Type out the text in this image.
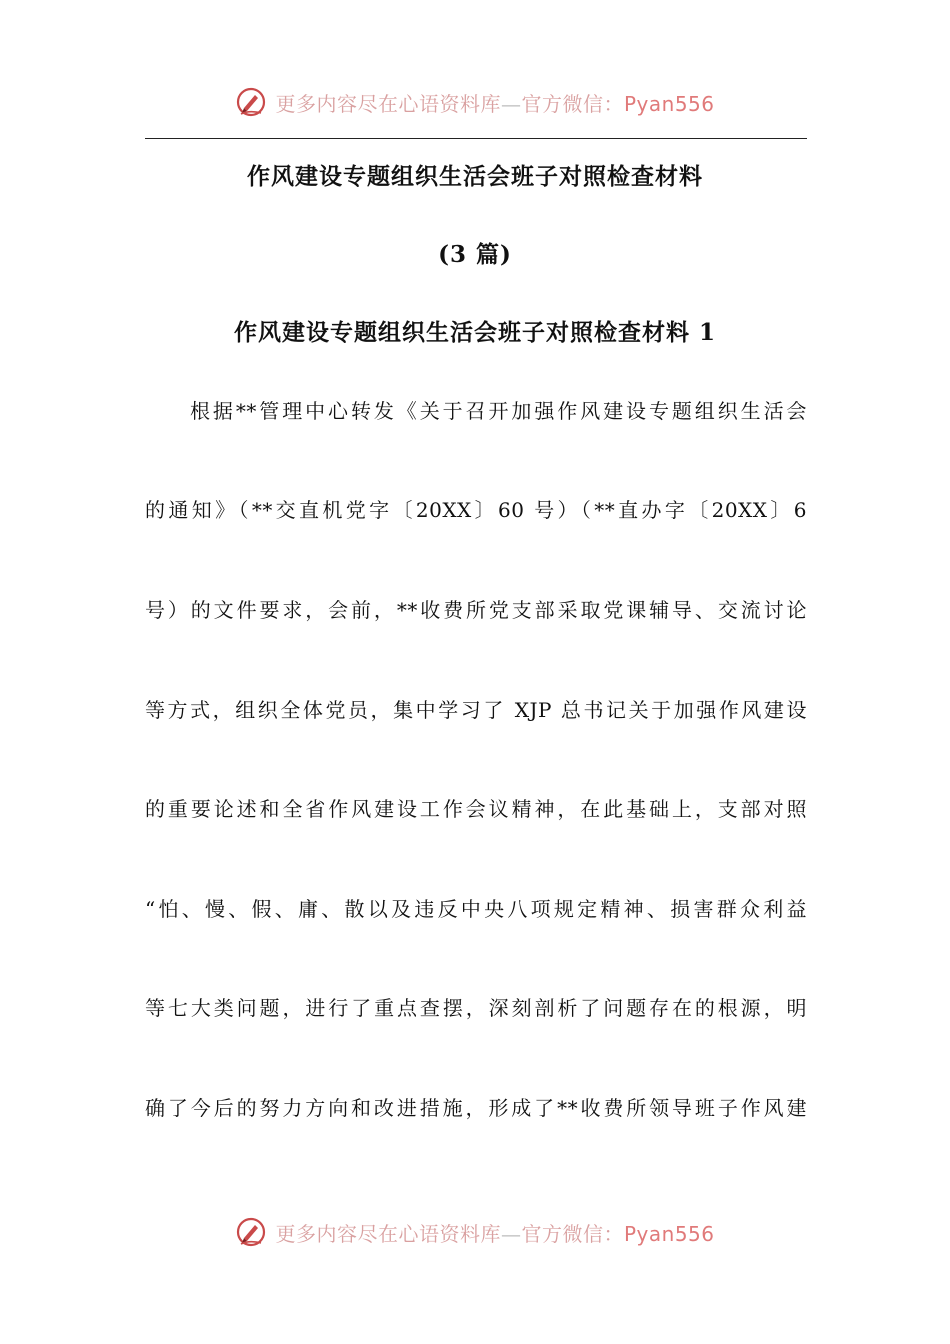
更多内容尽在心语资料库—官方微信：Pyan556
作风建设专题组织生活会班子对照检查材料
(3 篇)
作风建设专题组织生活会班子对照检查材料 1
根据**管理中心转发《关于召开加强作风建设专题组织生活会
的通知》（**交直机党字〔20XX〕60 号）（**直办字〔20XX〕6
号）的文件要求，会前，**收费所党支部采取党课辅导、交流讨论
等方式，组织全体党员，集中学习了 XJP 总书记关于加强作风建设
的重要论述和全省作风建设工作会议精神，在此基础上，支部对照
“怕、慢、假、庸、散以及违反中央八项规定精神、损害群众利益
等七大类问题，进行了重点查摆，深刻剖析了问题存在的根源，明
确了今后的努力方向和改进措施，形成了**收费所领导班子作风建
更多内容尽在心语资料库—官方微信：Pyan556
